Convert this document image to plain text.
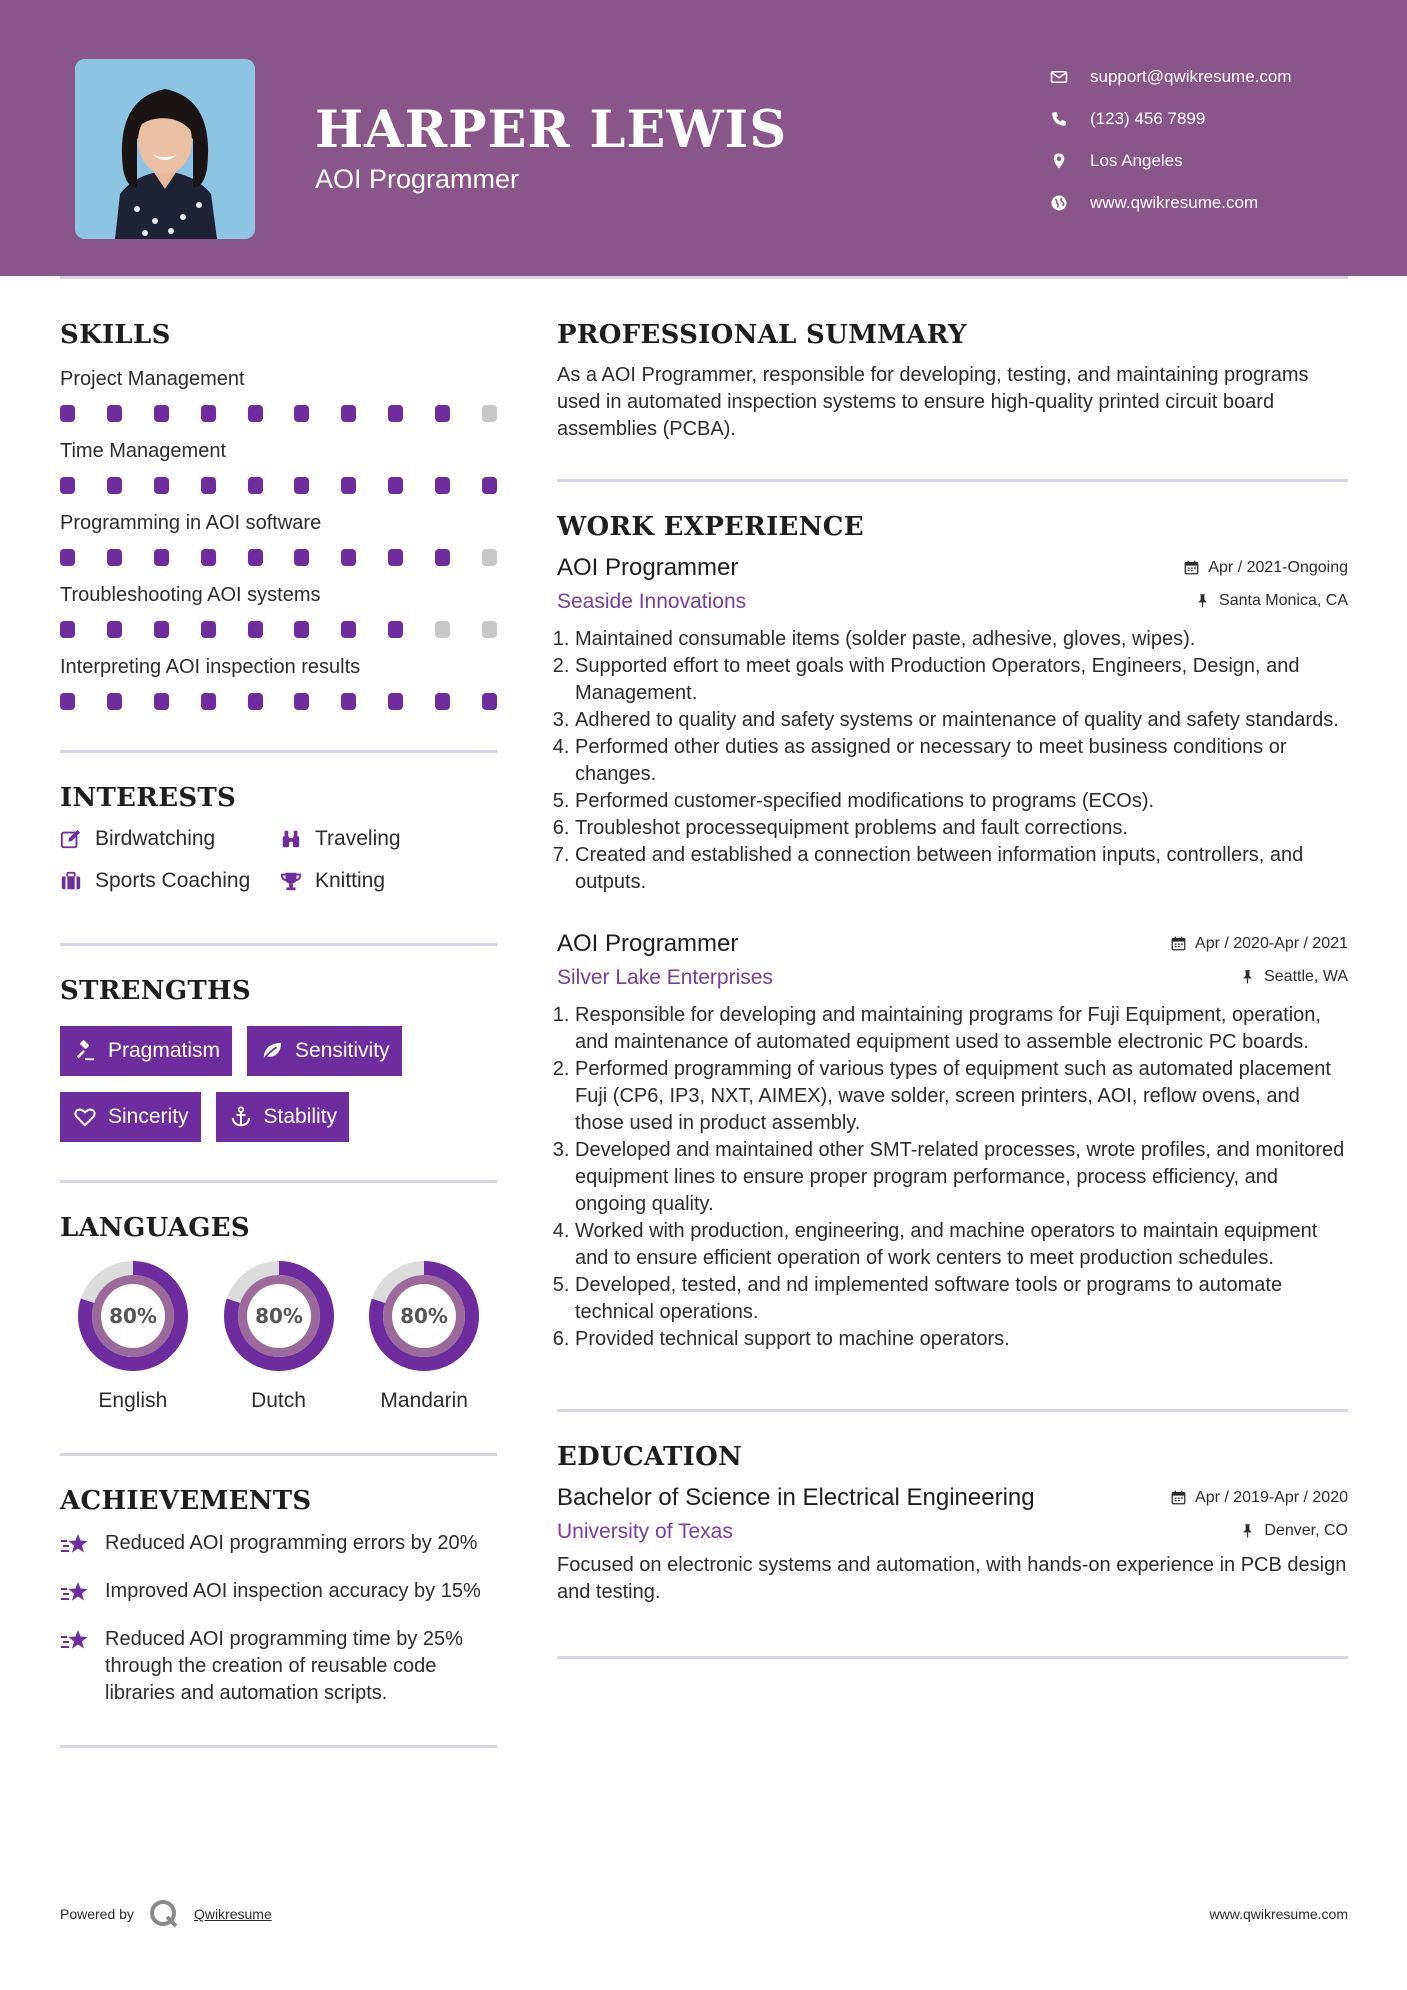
HARPER LEWIS
AOI Programmer
support@qwikresume.com
(123) 456 7899
Los Angeles
www.qwikresume.com
SKILLS
Project Management
Time Management
Programming in AOI software
Troubleshooting AOI systems
Interpreting AOI inspection results
INTERESTS
Birdwatching	Traveling
Sports Coaching	Knitting
STRENGTHS
Pragmatism	Sensitivity
Sincerity	Stability
LANGUAGES
80%
English
80%
Dutch
80%
Mandarin
ACHIEVEMENTS
Reduced AOI programming errors by 20%
Improved AOI inspection accuracy by 15%
Reduced AOI programming time by 25% through the creation of reusable code libraries and automation scripts.
PROFESSIONAL SUMMARY
As a AOI Programmer, responsible for developing, testing, and maintaining programs used in automated inspection systems to ensure high-quality printed circuit board assemblies (PCBA).
WORK EXPERIENCE
AOI Programmer	Apr / 2021-Ongoing
Seaside Innovations	Santa Monica, CA
1. Maintained consumable items (solder paste, adhesive, gloves, wipes).
2. Supported effort to meet goals with Production Operators, Engineers, Design, and Management.
3. Adhered to quality and safety systems or maintenance of quality and safety standards.
4. Performed other duties as assigned or necessary to meet business conditions or changes.
5. Performed customer-specified modifications to programs (ECOs).
6. Troubleshot processequipment problems and fault corrections.
7. Created and established a connection between information inputs, controllers, and outputs.
AOI Programmer	Apr / 2020-Apr / 2021
Silver Lake Enterprises	Seattle, WA
1. Responsible for developing and maintaining programs for Fuji Equipment, operation, and maintenance of automated equipment used to assemble electronic PC boards.
2. Performed programming of various types of equipment such as automated placement Fuji (CP6, IP3, NXT, AIMEX), wave solder, screen printers, AOI, reflow ovens, and those used in product assembly.
3. Developed and maintained other SMT-related processes, wrote profiles, and monitored equipment lines to ensure proper program performance, process efficiency, and ongoing quality.
4. Worked with production, engineering, and machine operators to maintain equipment and to ensure efficient operation of work centers to meet production schedules.
5. Developed, tested, and nd implemented software tools or programs to automate technical operations.
6. Provided technical support to machine operators.
EDUCATION
Bachelor of Science in Electrical Engineering	Apr / 2019-Apr / 2020
University of Texas	Denver, CO
Focused on electronic systems and automation, with hands-on experience in PCB design and testing.
Powered by	Qwikresume	www.qwikresume.com
